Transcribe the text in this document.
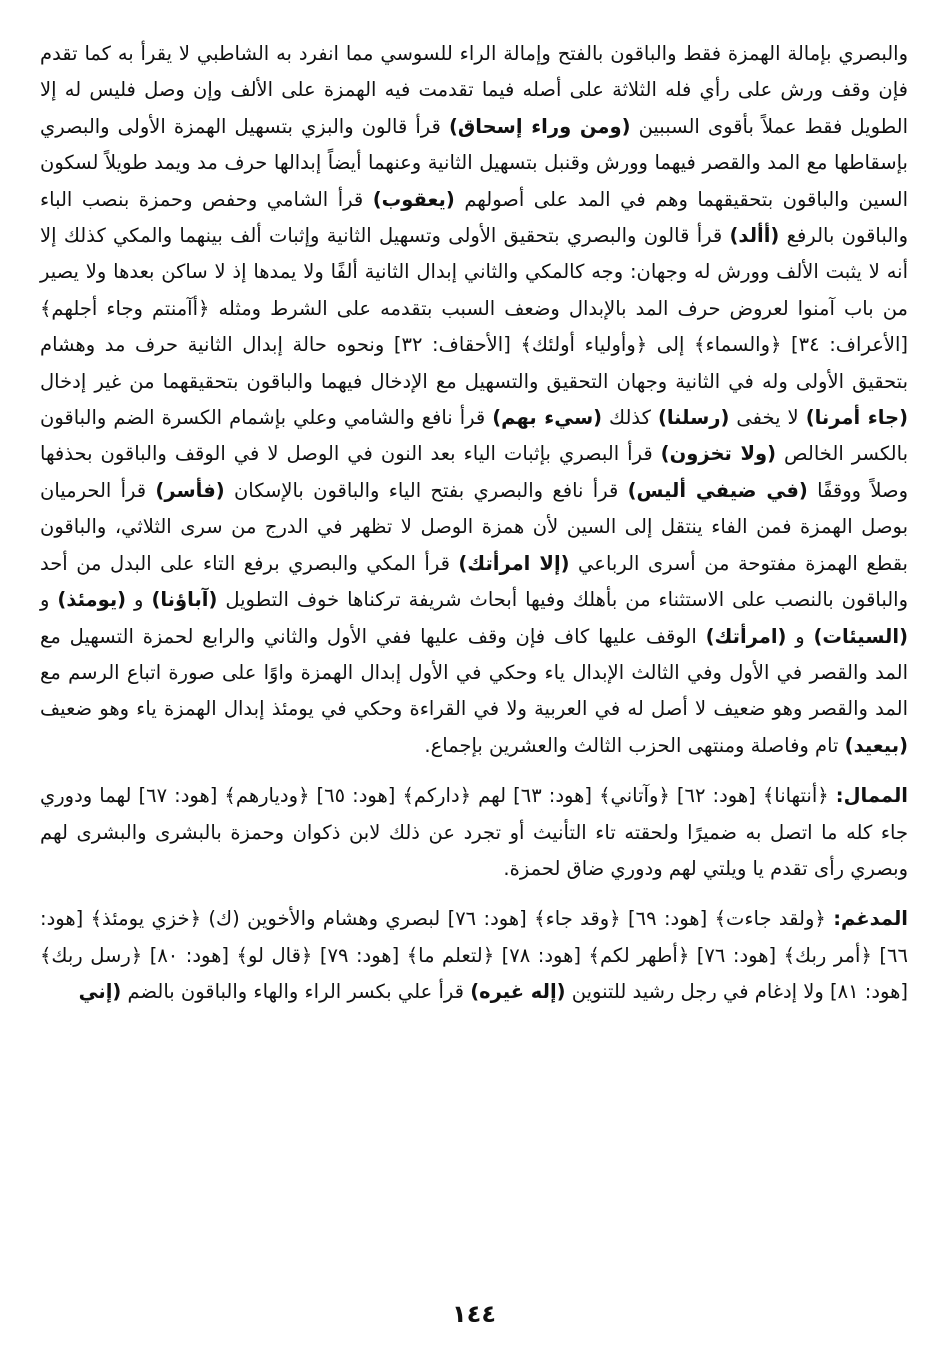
والبصري بإمالة الهمزة فقط والباقون بالفتح وإمالة الراء للسوسي مما انفرد به الشاطبي لا يقرأ به كما تقدم فإن وقف ورش على رأي فله الثلاثة على أصله فيما تقدمت فيه الهمزة على الألف وإن وصل فليس له إلا الطويل فقط عملاً بأقوى السببين (ومن وراء إسحاق) قرأ قالون والبزي بتسهيل الهمزة الأولى والبصري بإسقاطها مع المد والقصر فيهما وورش وقنبل بتسهيل الثانية وعنهما أيضاً إبدالها حرف مد ويمد طويلاً لسكون السين والباقون بتحقيقهما وهم في المد على أصولهم (يعقوب) قرأ الشامي وحفص وحمزة بنصب الباء والباقون بالرفع (أألد) قرأ قالون والبصري بتحقيق الأولى وتسهيل الثانية وإثبات ألف بينهما والمكي كذلك إلا أنه لا يثبت الألف وورش له وجهان: وجه كالمكي والثاني إبدال الثانية ألفًا ولا يمدها إذ لا ساكن بعدها ولا يصير من باب آمنوا لعروض حرف المد بالإبدال وضعف السبب بتقدمه على الشرط ومثله ﴿أآمنتم وجاء أجلهم﴾ [الأعراف: ٣٤] ﴿والسماء﴾ إلى ﴿وأولياء أولئك﴾ [الأحقاف: ٣٢] ونحوه حالة إبدال الثانية حرف مد وهشام بتحقيق الأولى وله في الثانية وجهان التحقيق والتسهيل مع الإدخال فيهما والباقون بتحقيقهما من غير إدخال (جاء أمرنا) لا يخفى (رسلنا) كذلك (سيء بهم) قرأ نافع والشامي وعلي بإشمام الكسرة الضم والباقون بالكسر الخالص (ولا تخزون) قرأ البصري بإثبات الياء بعد النون في الوصل لا في الوقف والباقون بحذفها وصلاً ووقفًا (في ضيفي أليس) قرأ نافع والبصري بفتح الياء والباقون بالإسكان (فأسر) قرأ الحرميان بوصل الهمزة فمن الفاء ينتقل إلى السين لأن همزة الوصل لا تظهر في الدرج من سرى الثلاثي، والباقون بقطع الهمزة مفتوحة من أسرى الرباعي (إلا امرأتك) قرأ المكي والبصري برفع التاء على البدل من أحد والباقون بالنصب على الاستثناء من بأهلك وفيها أبحاث شريفة تركناها خوف التطويل (آباؤنا) و (يومئذ) و (السيئات) و (امرأتك) الوقف عليها كاف فإن وقف عليها ففي الأول والثاني والرابع لحمزة التسهيل مع المد والقصر في الأول وفي الثالث الإبدال ياء وحكي في الأول إبدال الهمزة واوًا على صورة اتباع الرسم مع المد والقصر وهو ضعيف لا أصل له في العربية ولا في القراءة وحكي في يومئذ إبدال الهمزة ياء وهو ضعيف (بيعيد) تام وفاصلة ومنتهى الحزب الثالث والعشرين بإجماع.

الممال: ﴿أنتهانا﴾ [هود: ٦٢] ﴿وآتاني﴾ [هود: ٦٣] لهم ﴿داركم﴾ [هود: ٦٥] ﴿وديارهم﴾ [هود: ٦٧] لهما ودوري جاء كله ما اتصل به ضميرًا ولحقته تاء التأنيث أو تجرد عن ذلك لابن ذكوان وحمزة بالبشرى والبشرى لهم وبصري رأى تقدم يا ويلتي لهم ودوري ضاق لحمزة.

المدغم: ﴿ولقد جاءت﴾ [هود: ٦٩] ﴿وقد جاء﴾ [هود: ٧٦] لبصري وهشام والأخوين (ك) ﴿خزي يومئذ﴾ [هود: ٦٦] ﴿أمر ربك﴾ [هود: ٧٦] ﴿أطهر لكم﴾ [هود: ٧٨] ﴿لتعلم ما﴾ [هود: ٧٩] ﴿قال لو﴾ [هود: ٨٠] ﴿رسل ربك﴾ [هود: ٨١] ولا إدغام في رجل رشيد للتنوين (إله غيره) قرأ علي بكسر الراء والهاء والباقون بالضم (إني

١٤٤
